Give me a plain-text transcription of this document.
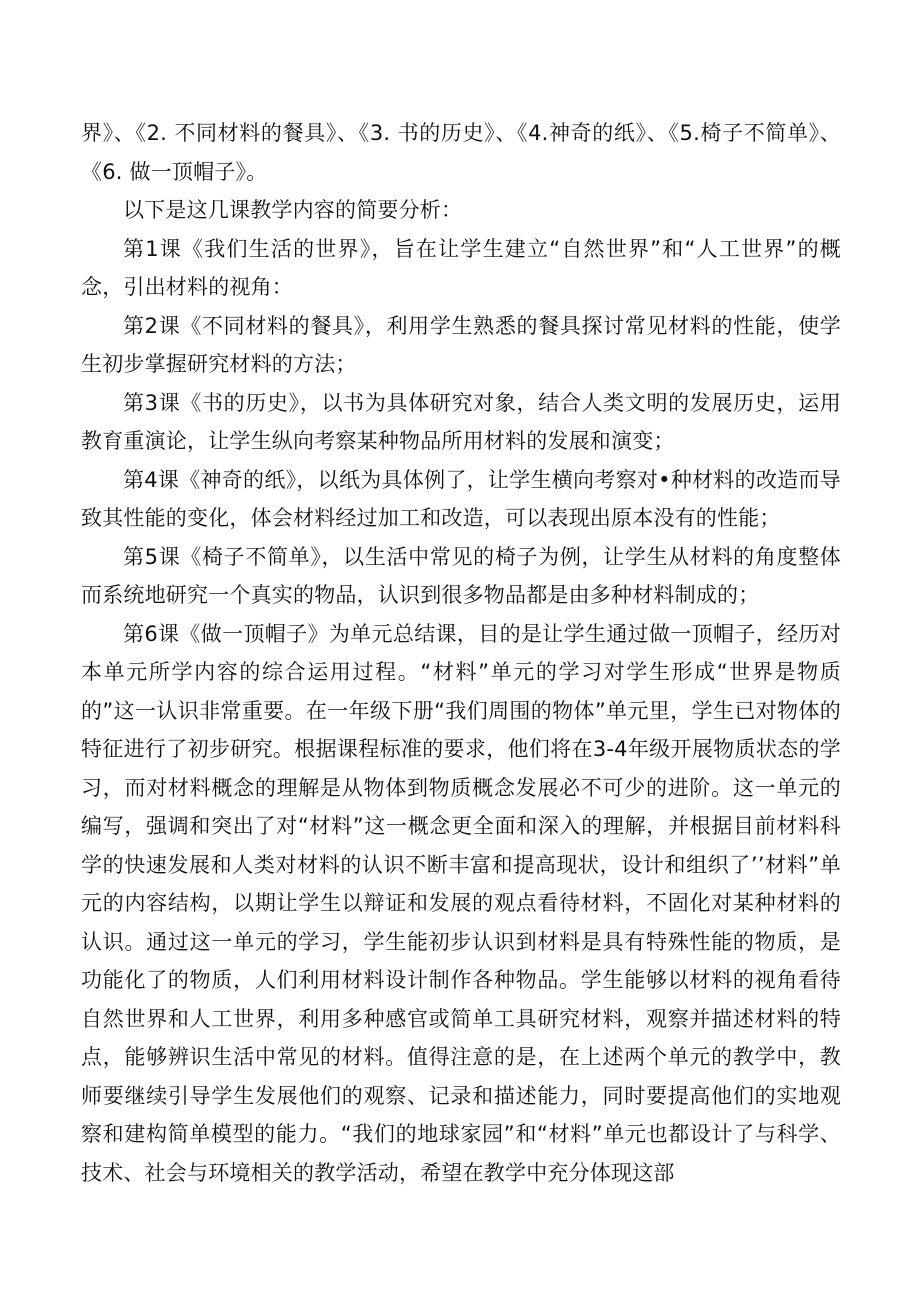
界》、《2. 不同材料的餐具》、《3. 书的历史》、《4.神奇的纸》、《5.椅子不简单》、《6. 做一顶帽子》。

以下是这几课教学内容的简要分析：

第1课《我们生活的世界》，旨在让学生建立“自然世界”和“人工世界”的概念，引出材料的视角：

第2课《不同材料的餐具》，利用学生熟悉的餐具探讨常见材料的性能，使学生初步掌握研究材料的方法；

第3课《书的历史》，以书为具体研究对象，结合人类文明的发展历史，运用教育重演论，让学生纵向考察某种物品所用材料的发展和演变；

第4课《神奇的纸》，以纸为具体例了，让学生横向考察对•种材料的改造而导致其性能的变化，体会材料经过加工和改造，可以表现出原本没有的性能；

第5课《椅子不简单》，以生活中常见的椅子为例，让学生从材料的角度整体而系统地研究一个真实的物品，认识到很多物品都是由多种材料制成的；

第6课《做一顶帽子》为单元总结课，目的是让学生通过做一顶帽子，经历对本单元所学内容的综合运用过程。“材料”单元的学习对学生形成“世界是物质的”这一认识非常重要。在一年级下册“我们周围的物体”单元里，学生已对物体的特征进行了初步研究。根据课程标准的要求，他们将在3-4年级开展物质状态的学习，而对材料概念的理解是从物体到物质概念发展必不可少的进阶。这一单元的编写，强调和突出了对“材料”这一概念更全面和深入的理解，并根据目前材料科学的快速发展和人类对材料的认识不断丰富和提高现状，设计和组织了’’材料”单元的内容结构，以期让学生以辩证和发展的观点看待材料，不固化对某种材料的认识。通过这一单元的学习，学生能初步认识到材料是具有特殊性能的物质，是功能化了的物质，人们利用材料设计制作各种物品。学生能够以材料的视角看待自然世界和人工世界，利用多种感官或简单工具研究材料，观察并描述材料的特点，能够辨识生活中常见的材料。值得注意的是，在上述两个单元的教学中，教师要继续引导学生发展他们的观察、记录和描述能力，同时要提高他们的实地观察和建构简单模型的能力。“我们的地球家园”和“材料”单元也都设计了与科学、技术、社会与环境相关的教学活动，希望在教学中充分体现这部
